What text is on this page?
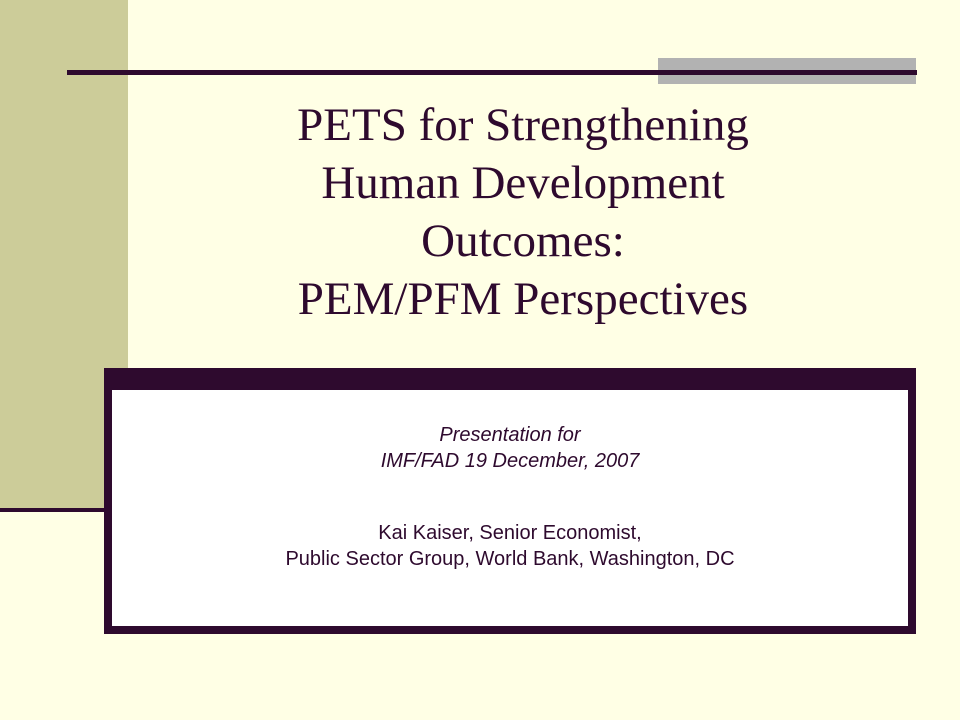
PETS for Strengthening
Human Development
Outcomes:
PEM/PFM Perspectives
Presentation for
IMF/FAD 19 December, 2007
Kai Kaiser, Senior Economist,
Public Sector Group, World Bank, Washington, DC
